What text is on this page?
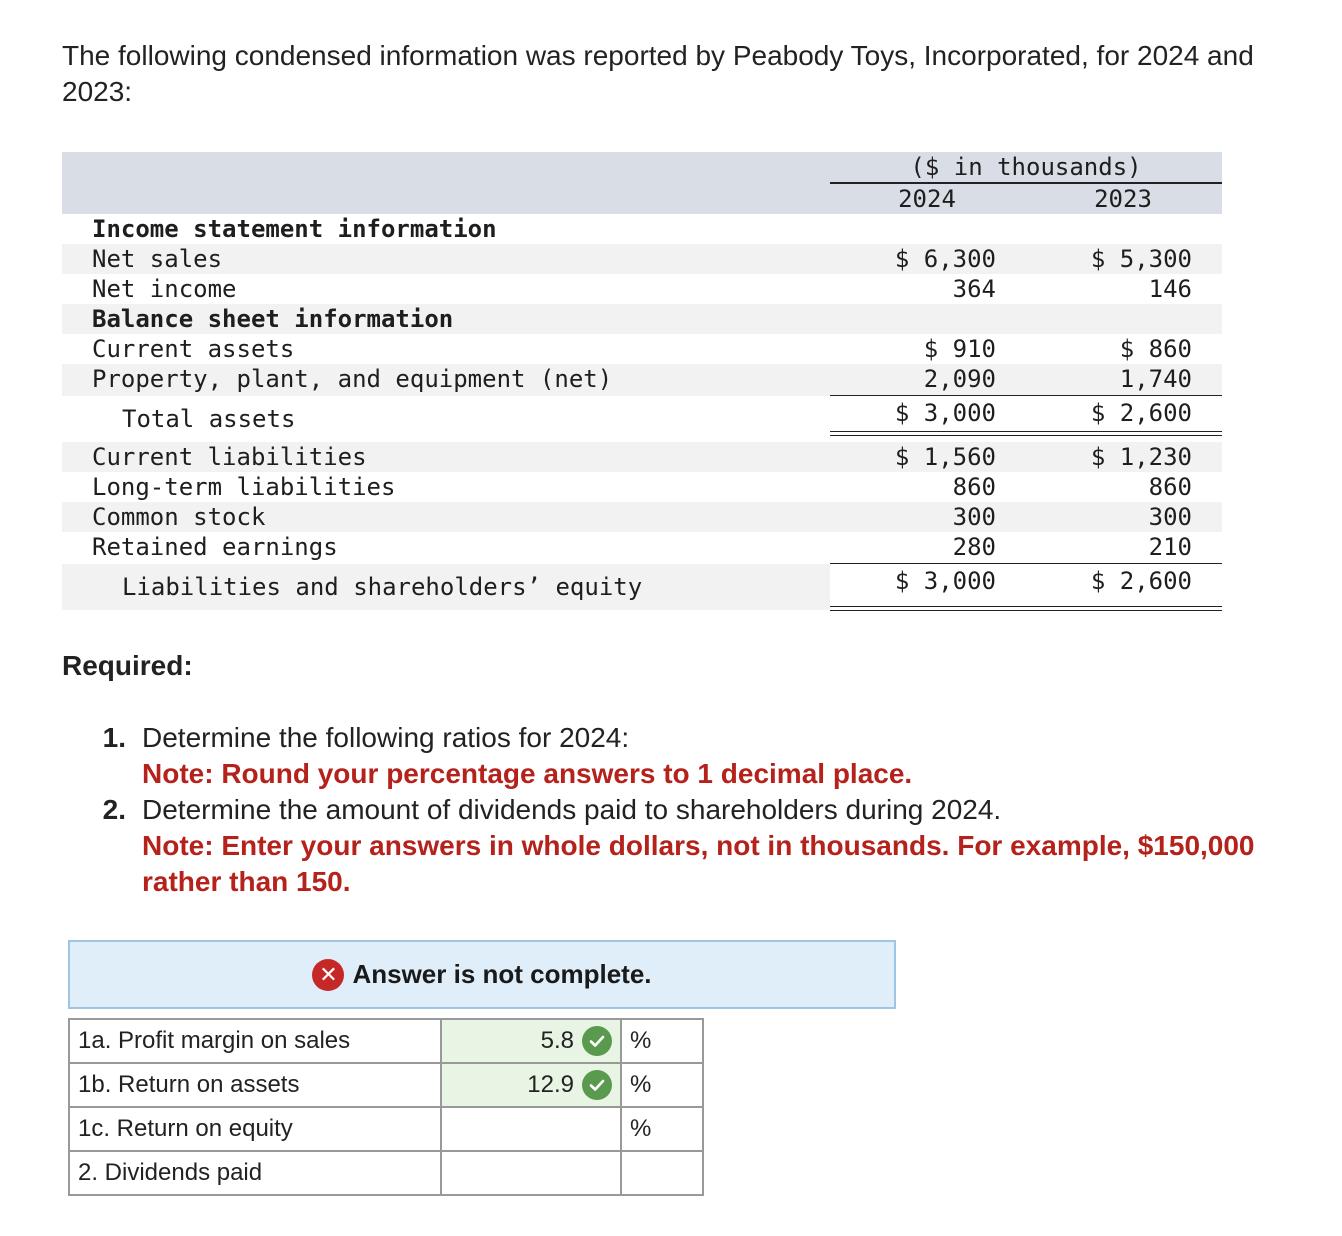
The following condensed information was reported by Peabody Toys, Incorporated, for 2024 and 2023:

($ in thousands)
2024	2023
Income statement information
Net sales	$ 6,300	$ 5,300
Net income	364	146
Balance sheet information
Current assets	$ 910	$ 860
Property, plant, and equipment (net)	2,090	1,740
Total assets	$ 3,000	$ 2,600
Current liabilities	$ 1,560	$ 1,230
Long-term liabilities	860	860
Common stock	300	300
Retained earnings	280	210
Liabilities and shareholders’ equity	$ 3,000	$ 2,600

Required:

1. Determine the following ratios for 2024:
Note: Round your percentage answers to 1 decimal place.
2. Determine the amount of dividends paid to shareholders during 2024.
Note: Enter your answers in whole dollars, not in thousands. For example, $150,000 rather than 150.
✕ Answer is not complete.
1a. Profit margin on sales	5.8	%
1b. Return on assets	12.9	%
1c. Return on equity		%
2. Dividends paid		
